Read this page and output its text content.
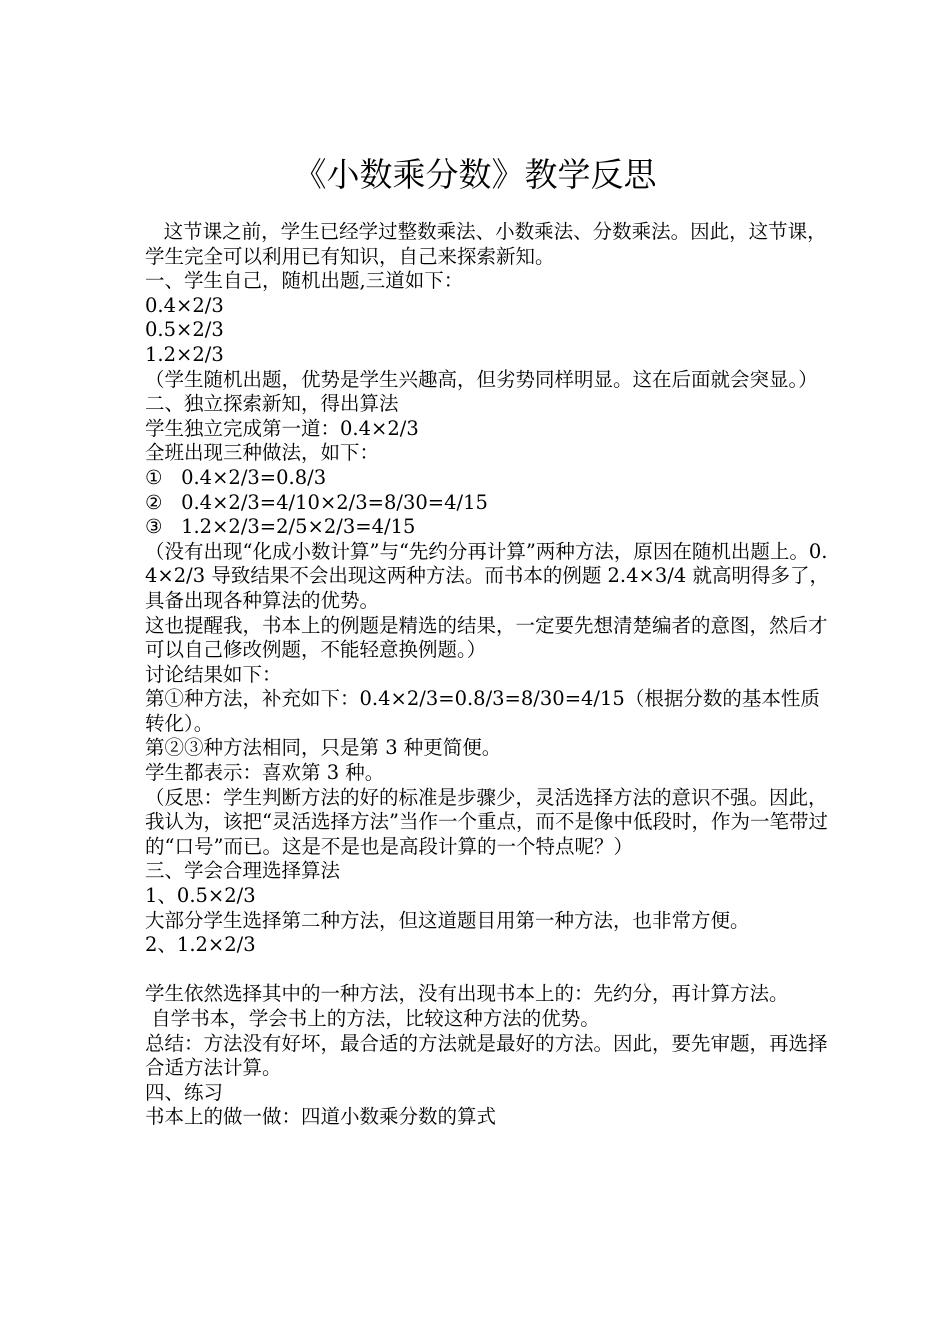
《小数乘分数》教学反思

这节课之前，学生已经学过整数乘法、小数乘法、分数乘法。因此，这节课，学生完全可以利用已有知识，自己来探索新知。

一、学生自己，随机出题,三道如下：

0.4×2/3

0.5×2/3

1.2×2/3

（学生随机出题，优势是学生兴趣高，但劣势同样明显。这在后面就会突显。）

二、独立探索新知，得出算法

学生独立完成第一道：0.4×2/3

全班出现三种做法，如下：

①   0.4×2/3=0.8/3

②   0.4×2/3=4/10×2/3=8/30=4/15

③   1.2×2/3=2/5×2/3=4/15

（没有出现“化成小数计算”与“先约分再计算”两种方法，原因在随机出题上。0.4×2/3 导致结果不会出现这两种方法。而书本的例题 2.4×3/4 就高明得多了，具备出现各种算法的优势。

这也提醒我，书本上的例题是精选的结果，一定要先想清楚编者的意图，然后才可以自己修改例题，不能轻意换例题。）

讨论结果如下：

第①种方法，补充如下：0.4×2/3=0.8/3=8/30=4/15（根据分数的基本性质转化）。

第②③种方法相同，只是第 3 种更简便。

学生都表示：喜欢第 3 种。

（反思：学生判断方法的好的标准是步骤少，灵活选择方法的意识不强。因此，我认为，该把“灵活选择方法”当作一个重点，而不是像中低段时，作为一笔带过的“口号”而已。这是不是也是高段计算的一个特点呢？）

三、学会合理选择算法

1、0.5×2/3

大部分学生选择第二种方法，但这道题目用第一种方法，也非常方便。

2、1.2×2/3

学生依然选择其中的一种方法，没有出现书本上的：先约分，再计算方法。

自学书本，学会书上的方法，比较这种方法的优势。

总结：方法没有好坏，最合适的方法就是最好的方法。因此，要先审题，再选择合适方法计算。

四、练习

书本上的做一做：四道小数乘分数的算式
